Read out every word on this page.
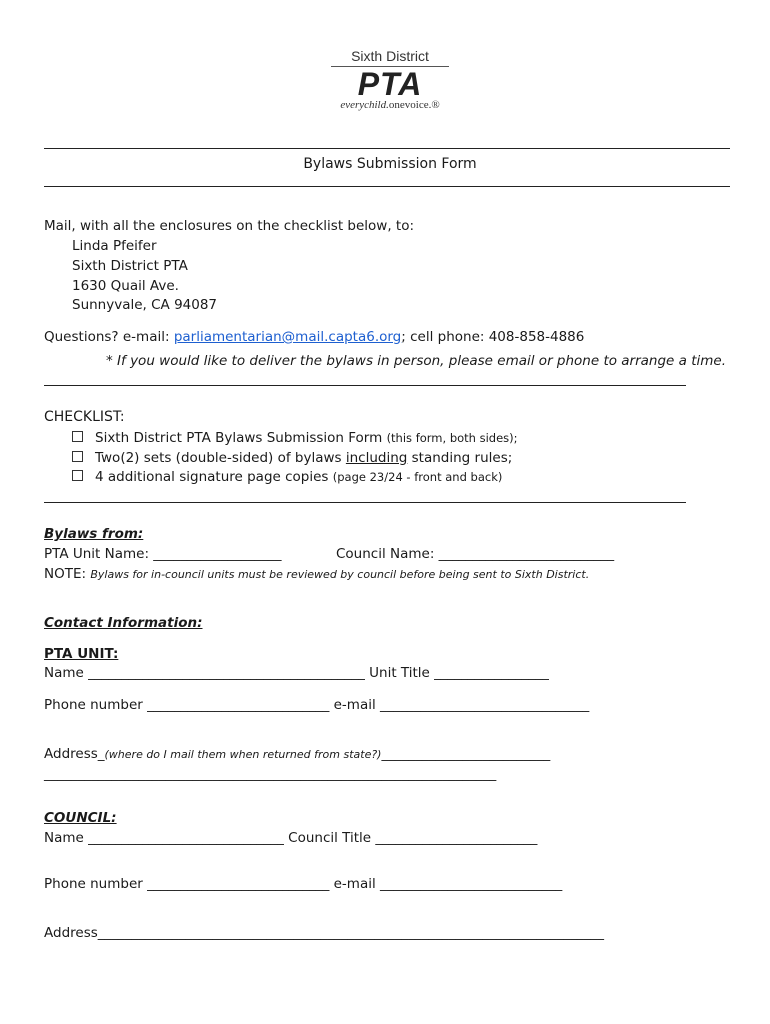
Sixth District
PTA
everychild.onevoice.®
Bylaws Submission Form
Mail, with all the enclosures on the checklist below, to:
Linda Pfeifer
Sixth District PTA
1630 Quail Ave.
Sunnyvale, CA 94087
Questions? e-mail: parliamentarian@mail.capta6.org; cell phone: 408-858-4886
* If you would like to deliver the bylaws in person, please email or phone to arrange a time.
CHECKLIST:
Sixth District PTA Bylaws Submission Form (this form, both sides);
Two(2) sets (double-sided) of bylaws including standing rules;
4 additional signature page copies (page 23/24 - front and back)
Bylaws from:
PTA Unit Name: ___________________	Council Name: __________________________
NOTE: Bylaws for in-council units must be reviewed by council before being sent to Sixth District.
Contact Information:
PTA UNIT:
Name _________________________________________ Unit Title _________________
Phone number ___________________________ e-mail _______________________________
Address_(where do I mail them when returned from state?)_________________________
___________________________________________________________________
COUNCIL:
Name _____________________________ Council Title ________________________
Phone number ___________________________ e-mail ___________________________
Address___________________________________________________________________________
